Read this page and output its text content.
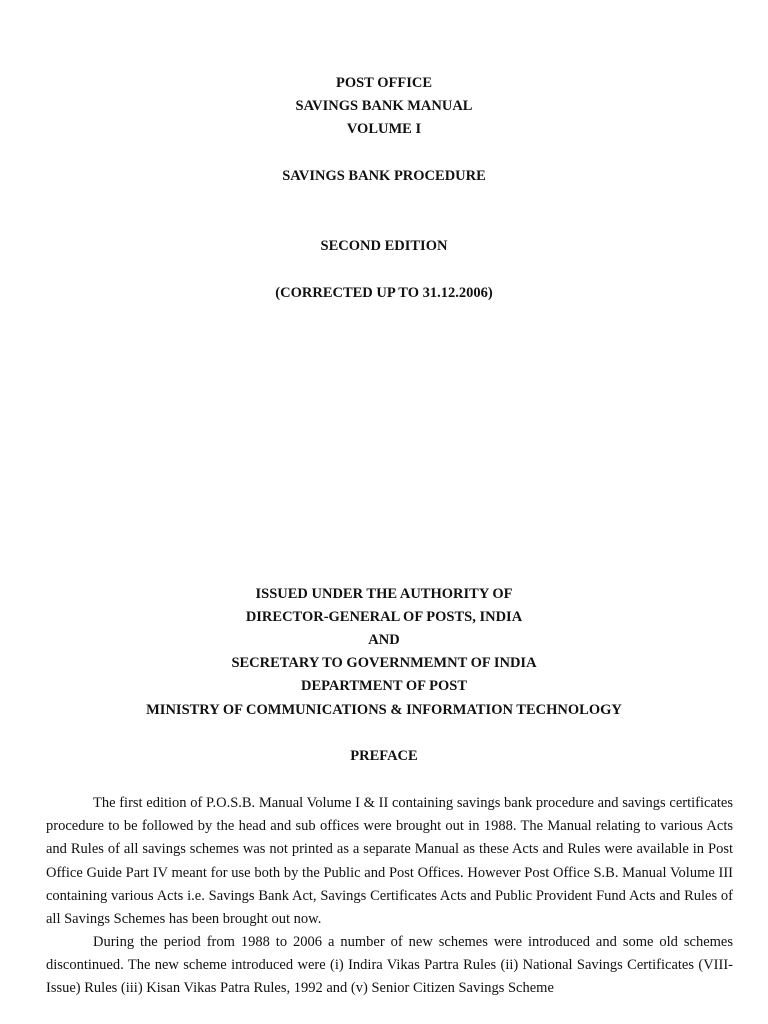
POST OFFICE
SAVINGS BANK MANUAL
VOLUME I
SAVINGS BANK PROCEDURE
SECOND EDITION
(CORRECTED UP TO 31.12.2006)
ISSUED UNDER THE AUTHORITY OF
DIRECTOR-GENERAL OF POSTS, INDIA
AND
SECRETARY TO GOVERNMEMNT OF INDIA
DEPARTMENT OF POST
MINISTRY OF COMMUNICATIONS & INFORMATION TECHNOLOGY
PREFACE

The first edition of P.O.S.B. Manual Volume I & II containing savings bank procedure and savings certificates procedure to be followed by the head and sub offices were brought out in 1988. The Manual relating to various Acts and Rules of all savings schemes was not printed as a separate Manual as these Acts and Rules were available in Post Office Guide Part IV meant for use both by the Public and Post Offices. However Post Office S.B. Manual Volume III containing various Acts i.e. Savings Bank Act, Savings Certificates Acts and Public Provident Fund Acts and Rules of all Savings Schemes has been brought out now.

During the period from 1988 to 2006 a number of new schemes were introduced and some old schemes discontinued. The new scheme introduced were (i) Indira Vikas Partra Rules (ii) National Savings Certificates (VIII-Issue) Rules (iii) Kisan Vikas Patra Rules, 1992 and (v) Senior Citizen Savings Scheme
